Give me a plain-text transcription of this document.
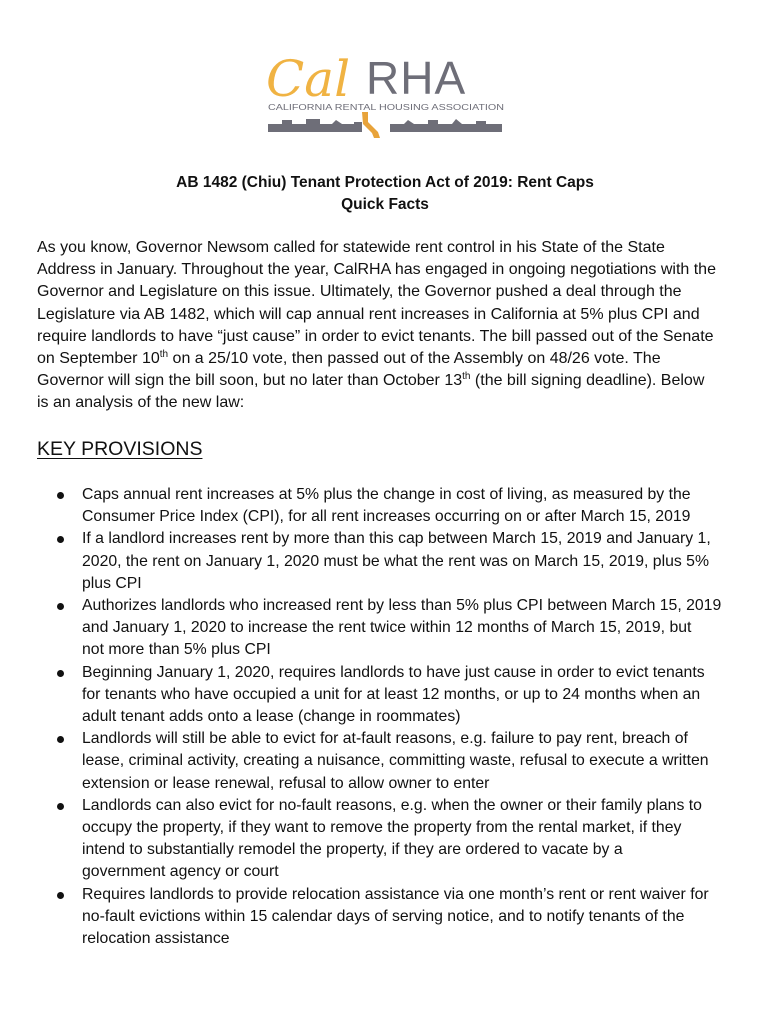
Cal RHA
CALIFORNIA RENTAL HOUSING ASSOCIATION
AB 1482 (Chiu) Tenant Protection Act of 2019: Rent Caps
Quick Facts

As you know, Governor Newsom called for statewide rent control in his State of the State

Address in January. Throughout the year, CalRHA has engaged in ongoing negotiations with the

Governor and Legislature on this issue. Ultimately, the Governor pushed a deal through the

Legislature via AB 1482, which will cap annual rent increases in California at 5% plus CPI and

require landlords to have “just cause” in order to evict tenants. The bill passed out of the Senate

on September 10th on a 25/10 vote, then passed out of the Assembly on 48/26 vote. The

Governor will sign the bill soon, but no later than October 13th (the bill signing deadline). Below

is an analysis of the new law:

KEY PROVISIONS
Caps annual rent increases at 5% plus the change in cost of living, as measured by the
Consumer Price Index (CPI), for all rent increases occurring on or after March 15, 2019
If a landlord increases rent by more than this cap between March 15, 2019 and January 1,
2020, the rent on January 1, 2020 must be what the rent was on March 15, 2019, plus 5%
plus CPI
Authorizes landlords who increased rent by less than 5% plus CPI between March 15, 2019
and January 1, 2020 to increase the rent twice within 12 months of March 15, 2019, but
not more than 5% plus CPI
Beginning January 1, 2020, requires landlords to have just cause in order to evict tenants
for tenants who have occupied a unit for at least 12 months, or up to 24 months when an
adult tenant adds onto a lease (change in roommates)
Landlords will still be able to evict for at-fault reasons, e.g. failure to pay rent, breach of
lease, criminal activity, creating a nuisance, committing waste, refusal to execute a written
extension or lease renewal, refusal to allow owner to enter
Landlords can also evict for no-fault reasons, e.g. when the owner or their family plans to
occupy the property, if they want to remove the property from the rental market, if they
intend to substantially remodel the property, if they are ordered to vacate by a
government agency or court
Requires landlords to provide relocation assistance via one month’s rent or rent waiver for
no-fault evictions within 15 calendar days of serving notice, and to notify tenants of the
relocation assistance
